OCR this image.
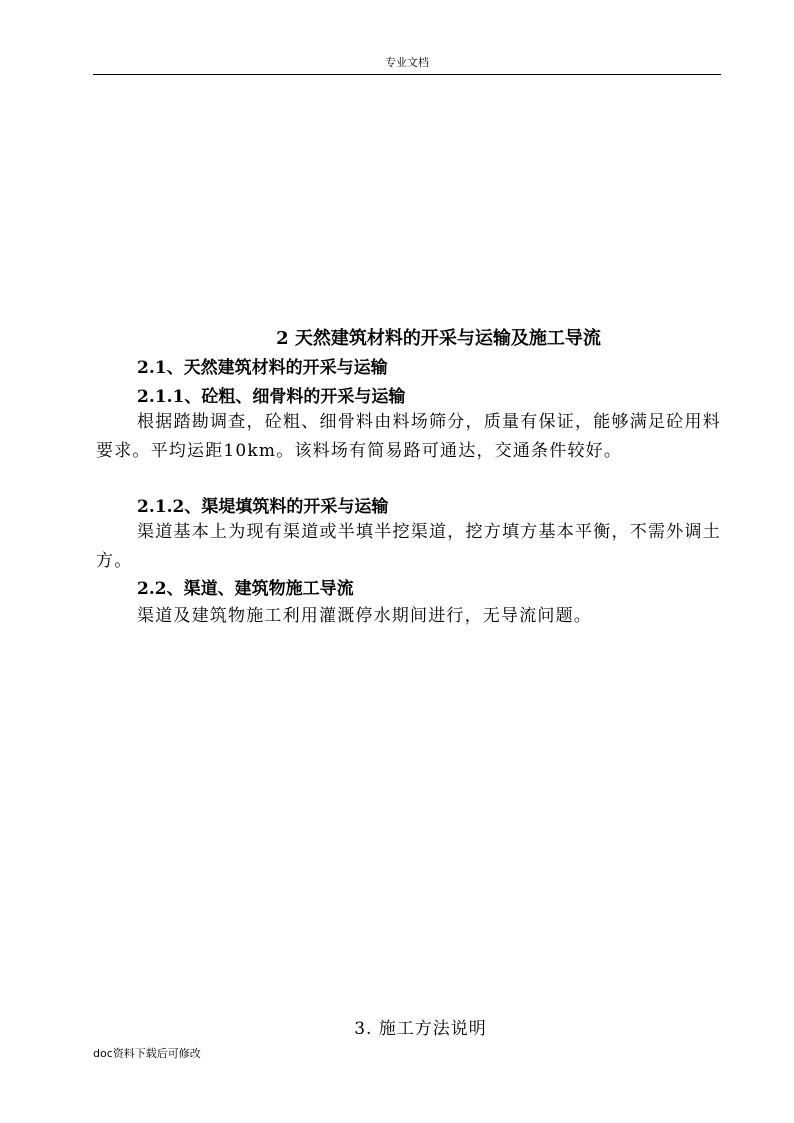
专业文档
2 天然建筑材料的开采与运输及施工导流
2.1、天然建筑材料的开采与运输
2.1.1、砼粗、细骨料的开采与运输
根据踏勘调查，砼粗、细骨料由料场筛分，质量有保证，能够满足砼用料要求。平均运距10km。该料场有简易路可通达，交通条件较好。
2.1.2、渠堤填筑料的开采与运输
渠道基本上为现有渠道或半填半挖渠道，挖方填方基本平衡，不需外调土方。
2.2、渠道、建筑物施工导流
渠道及建筑物施工利用灌溉停水期间进行，无导流问题。
3. 施工方法说明
doc资料下载后可修改
